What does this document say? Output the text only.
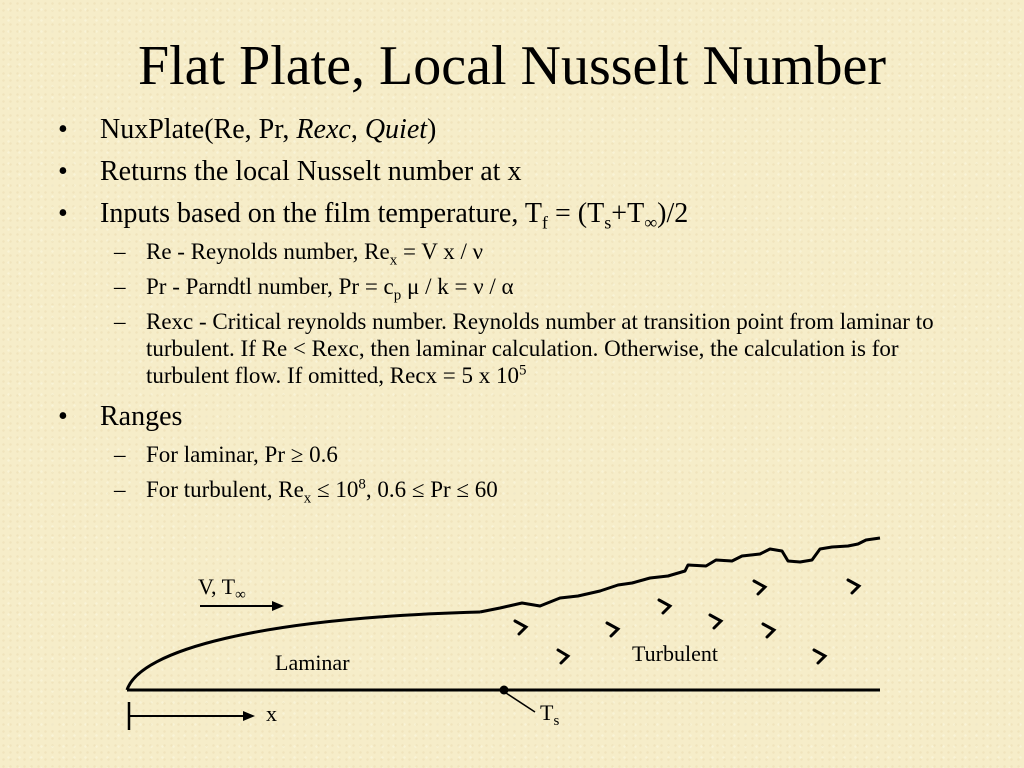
Flat Plate, Local Nusselt Number
• NuxPlate(Re, Pr, Rexc, Quiet)
• Returns the local Nusselt number at x
• Inputs based on the film temperature, $T_f = (T_s+T_\infty)/2$
– Re - Reynolds number, $Re_x = V$ x / ν
– Pr - Parndtl number, $Pr = c_p$ μ / k = ν / α
– Rexc - Critical reynolds number. Reynolds number at transition point from laminar to turbulent. If Re < Rexc, then laminar calculation. Otherwise, the calculation is for turbulent flow. If omitted, Recx = 5 x $10^5$
• Ranges
– For laminar, Pr ≥ 0.6
– For turbulent, $Re_x \le 10^8$, 0.6 ≤ Pr ≤ 60
V, $T_\infty$
Laminar	Turbulent
x	$T_s$
